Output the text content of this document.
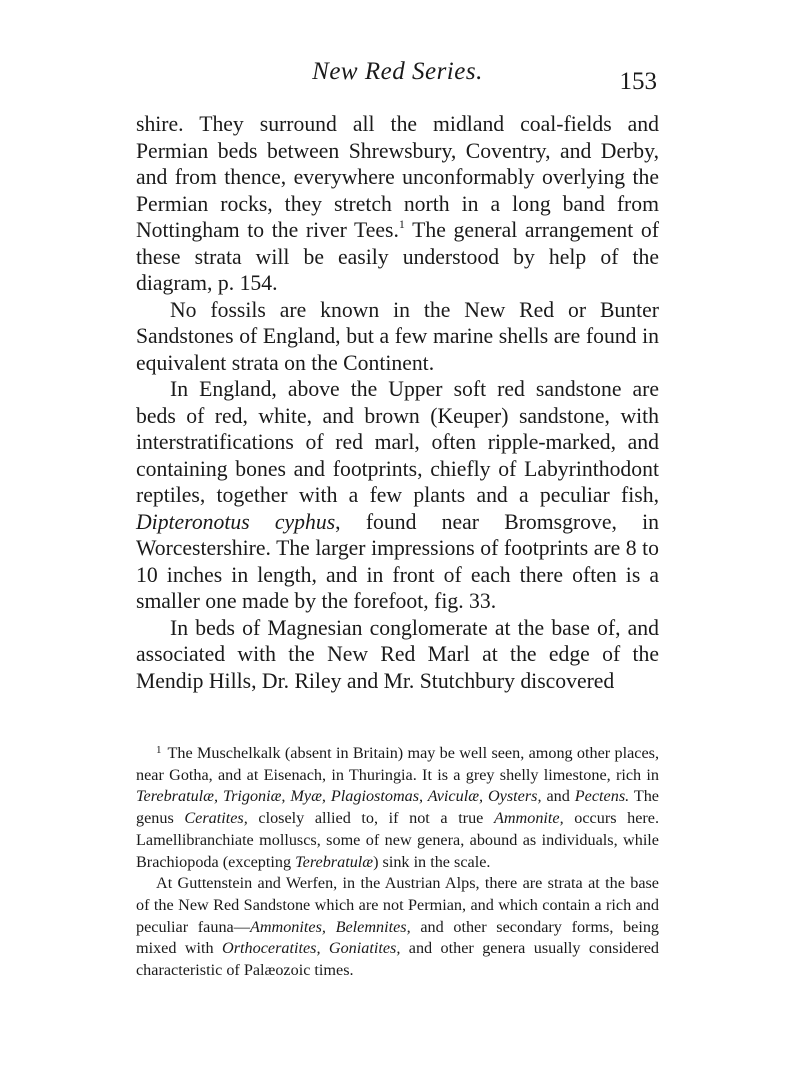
New Red Series.	153

shire. They surround all the midland coal-fields and Permian beds between Shrewsbury, Coventry, and Derby, and from thence, everywhere unconformably overlying the Permian rocks, they stretch north in a long band from Nottingham to the river Tees.$^1$ The general arrangement of these strata will be easily understood by help of the diagram, p. 154.

No fossils are known in the New Red or Bunter Sandstones of England, but a few marine shells are found in equivalent strata on the Continent.

In England, above the Upper soft red sandstone are beds of red, white, and brown (Keuper) sandstone, with interstratifications of red marl, often ripple-marked, and containing bones and footprints, chiefly of Labyrinthodont reptiles, together with a few plants and a peculiar fish, Dipteronotus cyphus, found near Bromsgrove, in Worcestershire. The larger impressions of footprints are 8 to 10 inches in length, and in front of each there often is a smaller one made by the forefoot, fig. 33.

In beds of Magnesian conglomerate at the base of, and associated with the New Red Marl at the edge of the Mendip Hills, Dr. Riley and Mr. Stutchbury discovered

$^1$ The Muschelkalk (absent in Britain) may be well seen, among other places, near Gotha, and at Eisenach, in Thuringia. It is a grey shelly limestone, rich in Terebratulæ, Trigoniæ, Myæ, Plagiostomas, Aviculæ, Oysters, and Pectens. The genus Ceratites, closely allied to, if not a true Ammonite, occurs here. Lamellibranchiate molluscs, some of new genera, abound as individuals, while Brachiopoda (excepting Terebratulæ) sink in the scale.

At Guttenstein and Werfen, in the Austrian Alps, there are strata at the base of the New Red Sandstone which are not Permian, and which contain a rich and peculiar fauna—Ammonites, Belemnites, and other secondary forms, being mixed with Orthoceratites, Goniatites, and other genera usually considered characteristic of Palæozoic times.
